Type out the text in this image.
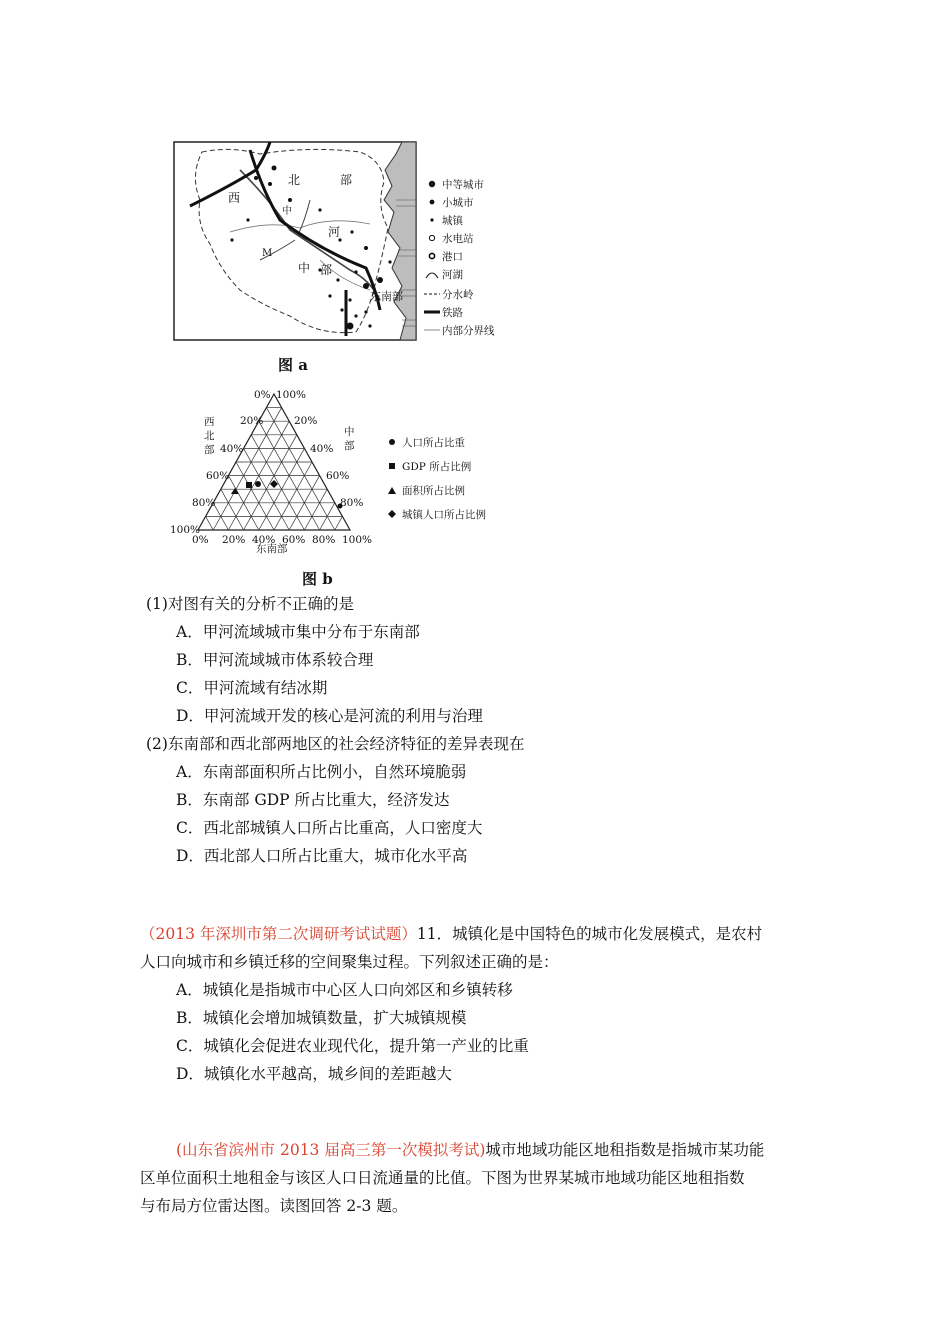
西
北	部
中
河
M
中 部
东南部
中等城市
小城市
城镇
水电站
港口
河湖
分水岭
铁路
内部分界线
图 a
西
北
部
中
部
东南部
0%
20%
40%
60%
80%
100%
100%
20%
40%
60%
80%
0% 20% 40% 60% 80% 100%
人口所占比重
GDP 所占比例
面积所占比例
城镇人口所占比例
图 b
(1)对图有关的分析不正确的是
A．甲河流域城市集中分布于东南部
B．甲河流域城市体系较合理
C．甲河流域有结冰期
D．甲河流域开发的核心是河流的利用与治理
(2)东南部和西北部两地区的社会经济特征的差异表现在
A．东南部面积所占比例小，自然环境脆弱
B．东南部 GDP 所占比重大，经济发达
C．西北部城镇人口所占比重高，人口密度大
D．西北部人口所占比重大，城市化水平高
（2013 年深圳市第二次调研考试试题）11．城镇化是中国特色的城市化发展模式，是农村
人口向城市和乡镇迁移的空间聚集过程。下列叙述正确的是：
A．城镇化是指城市中心区人口向郊区和乡镇转移
B．城镇化会增加城镇数量，扩大城镇规模
C．城镇化会促进农业现代化，提升第一产业的比重
D．城镇化水平越高，城乡间的差距越大
(山东省滨州市 2013 届高三第一次模拟考试)城市地域功能区地租指数是指城市某功能
区单位面积土地租金与该区人口日流通量的比值。下图为世界某城市地域功能区地租指数
与布局方位雷达图。读图回答 2-3 题。
